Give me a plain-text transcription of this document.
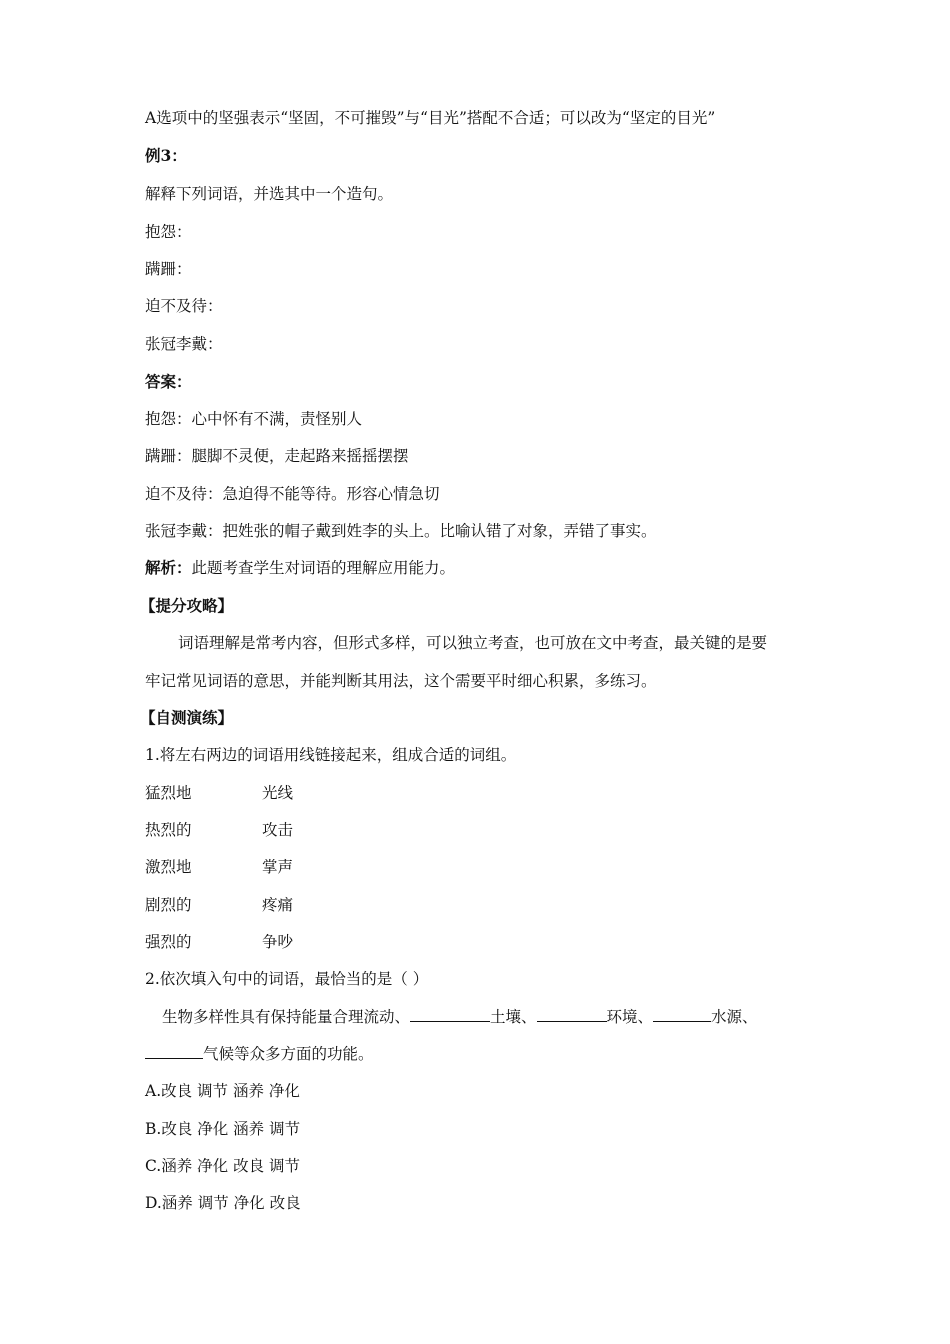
A选项中的坚强表示“坚固，不可摧毁”与“目光”搭配不合适；可以改为“坚定的目光”
例3：
解释下列词语，并选其中一个造句。
抱怨：
蹒跚：
迫不及待：
张冠李戴：
答案：
抱怨：心中怀有不满，责怪别人
蹒跚：腿脚不灵便，走起路来摇摇摆摆
迫不及待：急迫得不能等待。形容心情急切
张冠李戴：把姓张的帽子戴到姓李的头上。比喻认错了对象，弄错了事实。
解析：此题考查学生对词语的理解应用能力。
【提分攻略】
词语理解是常考内容，但形式多样，可以独立考查，也可放在文中考查，最关键的是要
牢记常见词语的意思，并能判断其用法，这个需要平时细心积累，多练习。
【自测演练】
1.将左右两边的词语用线链接起来，组成合适的词组。
猛烈地	光线
热烈的	攻击
激烈地	掌声
剧烈的	疼痛
强烈的	争吵
2.依次填入句中的词语，最恰当的是（ ）
生物多样性具有保持能量合理流动、	土壤、	环境、	水源、
气候等众多方面的功能。
A.改良 调节 涵养 净化
B.改良 净化 涵养 调节
C.涵养 净化 改良 调节
D.涵养 调节 净化 改良
